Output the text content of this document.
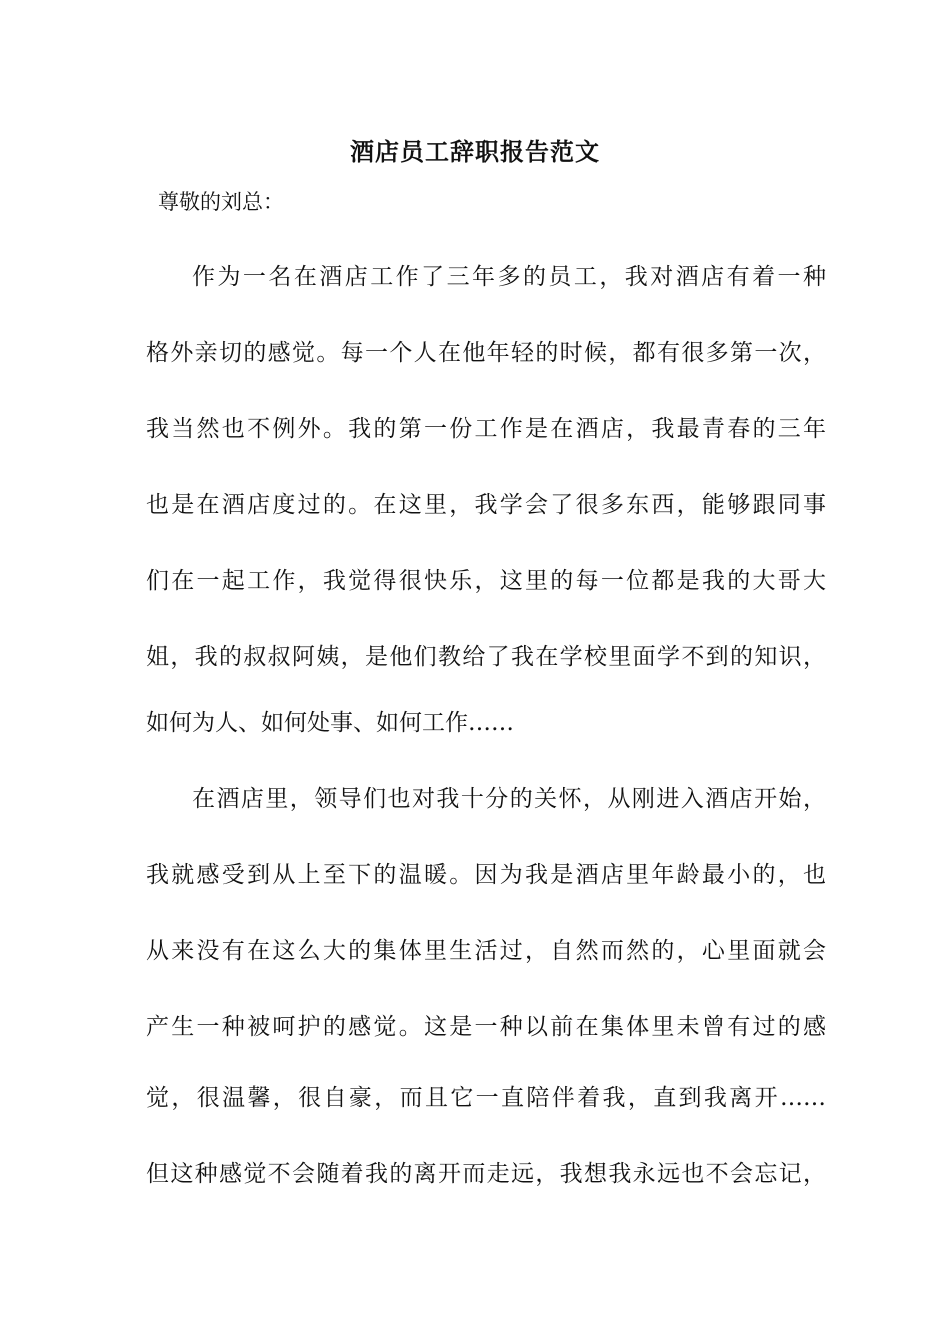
酒店员工辞职报告范文
尊敬的刘总：
作为一名在酒店工作了三年多的员工，我对酒店有着一种
格外亲切的感觉。每一个人在他年轻的时候，都有很多第一次，
我当然也不例外。我的第一份工作是在酒店，我最青春的三年
也是在酒店度过的。在这里，我学会了很多东西，能够跟同事
们在一起工作，我觉得很快乐，这里的每一位都是我的大哥大
姐，我的叔叔阿姨，是他们教给了我在学校里面学不到的知识，
如何为人、如何处事、如何工作……
在酒店里，领导们也对我十分的关怀，从刚进入酒店开始，
我就感受到从上至下的温暖。因为我是酒店里年龄最小的，也
从来没有在这么大的集体里生活过，自然而然的，心里面就会
产生一种被呵护的感觉。这是一种以前在集体里未曾有过的感
觉，很温馨，很自豪，而且它一直陪伴着我，直到我离开……
但这种感觉不会随着我的离开而走远，我想我永远也不会忘记，
